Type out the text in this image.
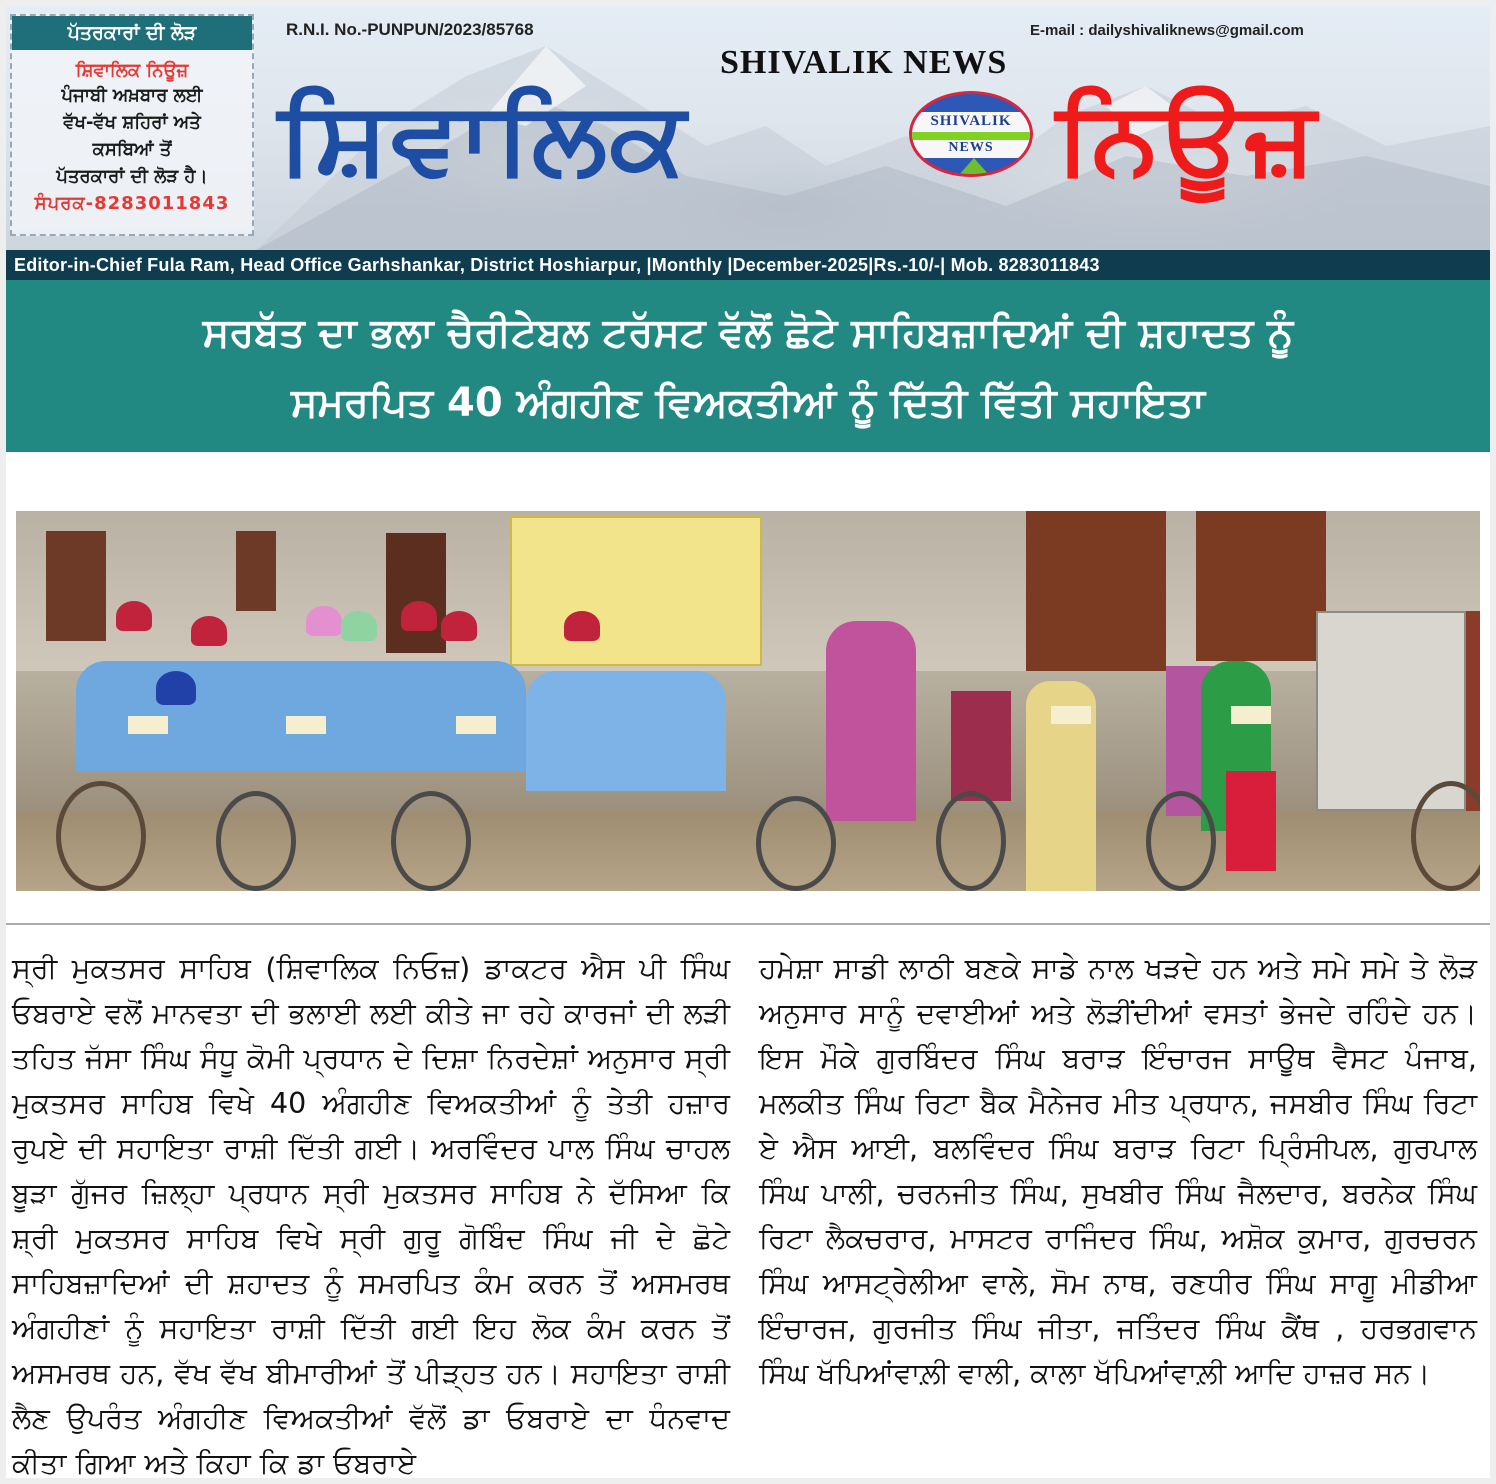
ਪੱਤਰਕਾਰਾਂ ਦੀ ਲੋੜ
ਸ਼ਿਵਾਲਿਕ ਨਿਊਜ਼
ਪੰਜਾਬੀ ਅਖ਼ਬਾਰ ਲਈ
ਵੱਖ-ਵੱਖ ਸ਼ਹਿਰਾਂ ਅਤੇ
ਕਸਬਿਆਂ ਤੋਂ
ਪੱਤਰਕਾਰਾਂ ਦੀ ਲੋੜ ਹੈ।
ਸੰਪਰਕ-8283011843
R.N.I. No.-PUNPUN/2023/85768	E-mail : dailyshivaliknews@gmail.com
SHIVALIK NEWS
ਸ਼ਿਵਾਲਿਕ	ਨਿਊਜ਼
SHIVALIK
NEWS
Editor-in-Chief Fula Ram, Head Office Garhshankar, District Hoshiarpur, |Monthly |December-2025|Rs.-10/-| Mob. 8283011843
ਸਰਬੱਤ ਦਾ ਭਲਾ ਚੈਰੀਟੇਬਲ ਟਰੱਸਟ ਵੱਲੋਂ ਛੋਟੇ ਸਾਹਿਬਜ਼ਾਦਿਆਂ ਦੀ ਸ਼ਹਾਦਤ ਨੂੰ
ਸਮਰਪਿਤ 40 ਅੰਗਹੀਣ ਵਿਅਕਤੀਆਂ ਨੂੰ ਦਿੱਤੀ ਵਿੱਤੀ ਸਹਾਇਤਾ
ਸ੍ਰੀ ਮੁਕਤਸਰ ਸਾਹਿਬ (ਸ਼ਿਵਾਲਿਕ ਨਿਓਜ਼) ਡਾਕਟਰ ਐਸ ਪੀ ਸਿੰਘ ਓਬਰਾਏ ਵਲੋਂ ਮਾਨਵਤਾ ਦੀ ਭਲਾਈ ਲਈ ਕੀਤੇ ਜਾ ਰਹੇ ਕਾਰਜਾਂ ਦੀ ਲੜੀ ਤਹਿਤ ਜੱਸਾ ਸਿੰਘ ਸੰਧੂ ਕੋਮੀ ਪ੍ਰਧਾਨ ਦੇ ਦਿਸ਼ਾ ਨਿਰਦੇਸ਼ਾਂ ਅਨੁਸਾਰ ਸ੍ਰੀ ਮੁਕਤਸਰ ਸਾਹਿਬ ਵਿਖੇ 40 ਅੰਗਹੀਣ ਵਿਅਕਤੀਆਂ ਨੂੰ ਤੇਤੀ ਹਜ਼ਾਰ ਰੁਪਏ ਦੀ ਸਹਾਇਤਾ ਰਾਸ਼ੀ ਦਿੱਤੀ ਗਈ। ਅਰਵਿੰਦਰ ਪਾਲ ਸਿੰਘ ਚਾਹਲ ਬੂੜਾ ਗੁੱਜਰ ਜ਼ਿਲ੍ਹਾ ਪ੍ਰਧਾਨ ਸ੍ਰੀ ਮੁਕਤਸਰ ਸਾਹਿਬ ਨੇ ਦੱਸਿਆ ਕਿ ਸ਼੍ਰੀ ਮੁਕਤਸਰ ਸਾਹਿਬ ਵਿਖੇ ਸ੍ਰੀ ਗੁਰੂ ਗੋਬਿੰਦ ਸਿੰਘ ਜੀ ਦੇ ਛੋਟੇ ਸਾਹਿਬਜ਼ਾਦਿਆਂ ਦੀ ਸ਼ਹਾਦਤ ਨੂੰ ਸਮਰਪਿਤ ਕੰਮ ਕਰਨ ਤੋਂ ਅਸਮਰਥ ਅੰਗਹੀਣਾਂ ਨੂੰ ਸਹਾਇਤਾ ਰਾਸ਼ੀ ਦਿੱਤੀ ਗਈ ਇਹ ਲੋਕ ਕੰਮ ਕਰਨ ਤੋਂ ਅਸਮਰਥ ਹਨ, ਵੱਖ ਵੱਖ ਬੀਮਾਰੀਆਂ ਤੋਂ ਪੀੜ੍ਹਤ ਹਨ। ਸਹਾਇਤਾ ਰਾਸ਼ੀ ਲੈਣ ਉਪਰੰਤ ਅੰਗਹੀਣ ਵਿਅਕਤੀਆਂ ਵੱਲੋਂ ਡਾ ਓਬਰਾਏ ਦਾ ਧੰਨਵਾਦ ਕੀਤਾ ਗਿਆ ਅਤੇ ਕਿਹਾ ਕਿ ਡਾ ਓਬਰਾਏ
ਹਮੇਸ਼ਾ ਸਾਡੀ ਲਾਠੀ ਬਣਕੇ ਸਾਡੇ ਨਾਲ ਖੜਦੇ ਹਨ ਅਤੇ ਸਮੇ ਸਮੇ ਤੇ ਲੋੜ ਅਨੁਸਾਰ ਸਾਨੂੰ ਦਵਾਈਆਂ ਅਤੇ ਲੋੜੀਂਦੀਆਂ ਵਸਤਾਂ ਭੇਜਦੇ ਰਹਿੰਦੇ ਹਨ।ਇਸ ਮੌਕੇ ਗੁਰਬਿੰਦਰ ਸਿੰਘ ਬਰਾੜ ਇੰਚਾਰਜ ਸਾਊਥ ਵੈਸਟ ਪੰਜਾਬ, ਮਲਕੀਤ ਸਿੰਘ ਰਿਟਾ ਬੈਕ ਮੈਨੇਜਰ ਮੀਤ ਪ੍ਰਧਾਨ, ਜਸਬੀਰ ਸਿੰਘ ਰਿਟਾ ਏ ਐਸ ਆਈ, ਬਲਵਿੰਦਰ ਸਿੰਘ ਬਰਾੜ ਰਿਟਾ ਪ੍ਰਿੰਸੀਪਲ, ਗੁਰਪਾਲ ਸਿੰਘ ਪਾਲੀ, ਚਰਨਜੀਤ ਸਿੰਘ, ਸੁਖਬੀਰ ਸਿੰਘ ਜੈਲਦਾਰ, ਬਰਨੇਕ ਸਿੰਘ ਰਿਟਾ ਲੈਕਚਰਾਰ, ਮਾਸਟਰ ਰਾਜਿੰਦਰ ਸਿੰਘ, ਅਸ਼ੋਕ ਕੁਮਾਰ, ਗੁਰਚਰਨ ਸਿੰਘ ਆਸਟ੍ਰੇਲੀਆ ਵਾਲੇ, ਸੋਮ ਨਾਥ, ਰਣਧੀਰ ਸਿੰਘ ਸਾਗੂ ਮੀਡੀਆ ਇੰਚਾਰਜ, ਗੁਰਜੀਤ ਸਿੰਘ ਜੀਤਾ, ਜਤਿੰਦਰ ਸਿੰਘ ਕੈਂਥ , ਹਰਭਗਵਾਨ ਸਿੰਘ ਖੱਪਿਆਂਵਾਲ਼ੀ ਵਾਲੀ, ਕਾਲਾ ਖੱਪਿਆਂਵਾਲ਼ੀ ਆਦਿ ਹਾਜ਼ਰ ਸਨ।
